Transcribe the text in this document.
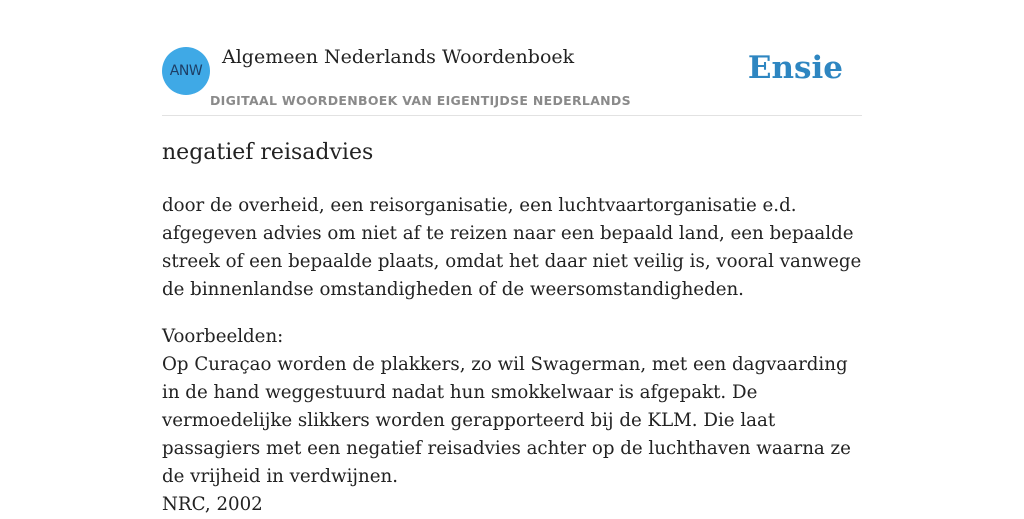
ANW
Algemeen Nederlands Woordenboek
DIGITAAL WOORDENBOEK VAN EIGENTIJDSE NEDERLANDS
Ensie
negatief reisadvies

door de overheid, een reisorganisatie, een luchtvaartorganisatie e.d. afgegeven advies om niet af te reizen naar een bepaald land, een bepaalde streek of een bepaalde plaats, omdat het daar niet veilig is, vooral vanwege de binnenlandse omstandigheden of de weersomstandigheden.

Voorbeelden:
Op Curaçao worden de plakkers, zo wil Swagerman, met een dagvaarding in de hand weggestuurd nadat hun smokkelwaar is afgepakt. De vermoedelijke slikkers worden gerapporteerd bij de KLM. Die laat passagiers met een negatief reisadvies achter op de luchthaven waarna ze de vrijheid in verdwijnen.
NRC, 2002
